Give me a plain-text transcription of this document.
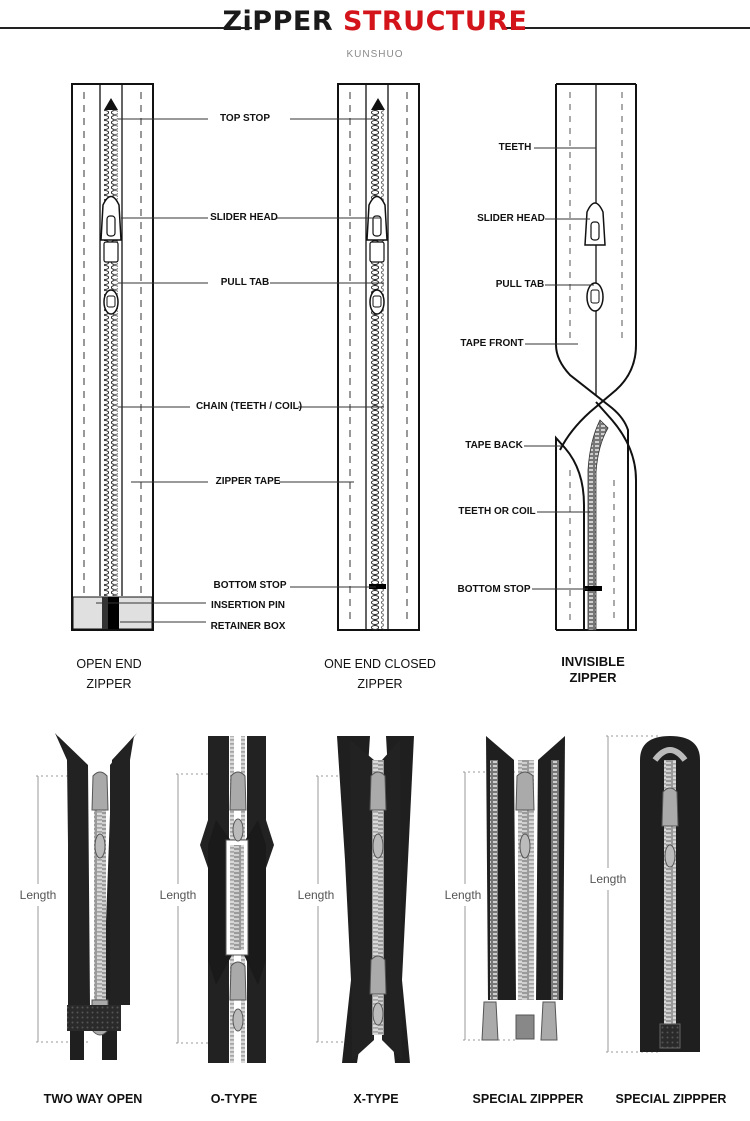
ZiPPER STRUCTURE
KUNSHUO
TOP STOP
SLIDER HEAD
PULL TAB
CHAIN (TEETH / COIL)
ZIPPER TAPE
BOTTOM STOP
INSERTION PIN
RETAINER BOX
TEETH
SLIDER HEAD
PULL TAB
TAPE FRONT
TAPE BACK
TEETH OR COIL
BOTTOM STOP
OPEN END
ZIPPER
ONE END CLOSED
ZIPPER
INVISIBLE
ZIPPER
Length	Length	Length	Length
Length
TWO WAY OPEN	O-TYPE	X-TYPE	SPECIAL ZIPPPER	SPECIAL ZIPPPER
